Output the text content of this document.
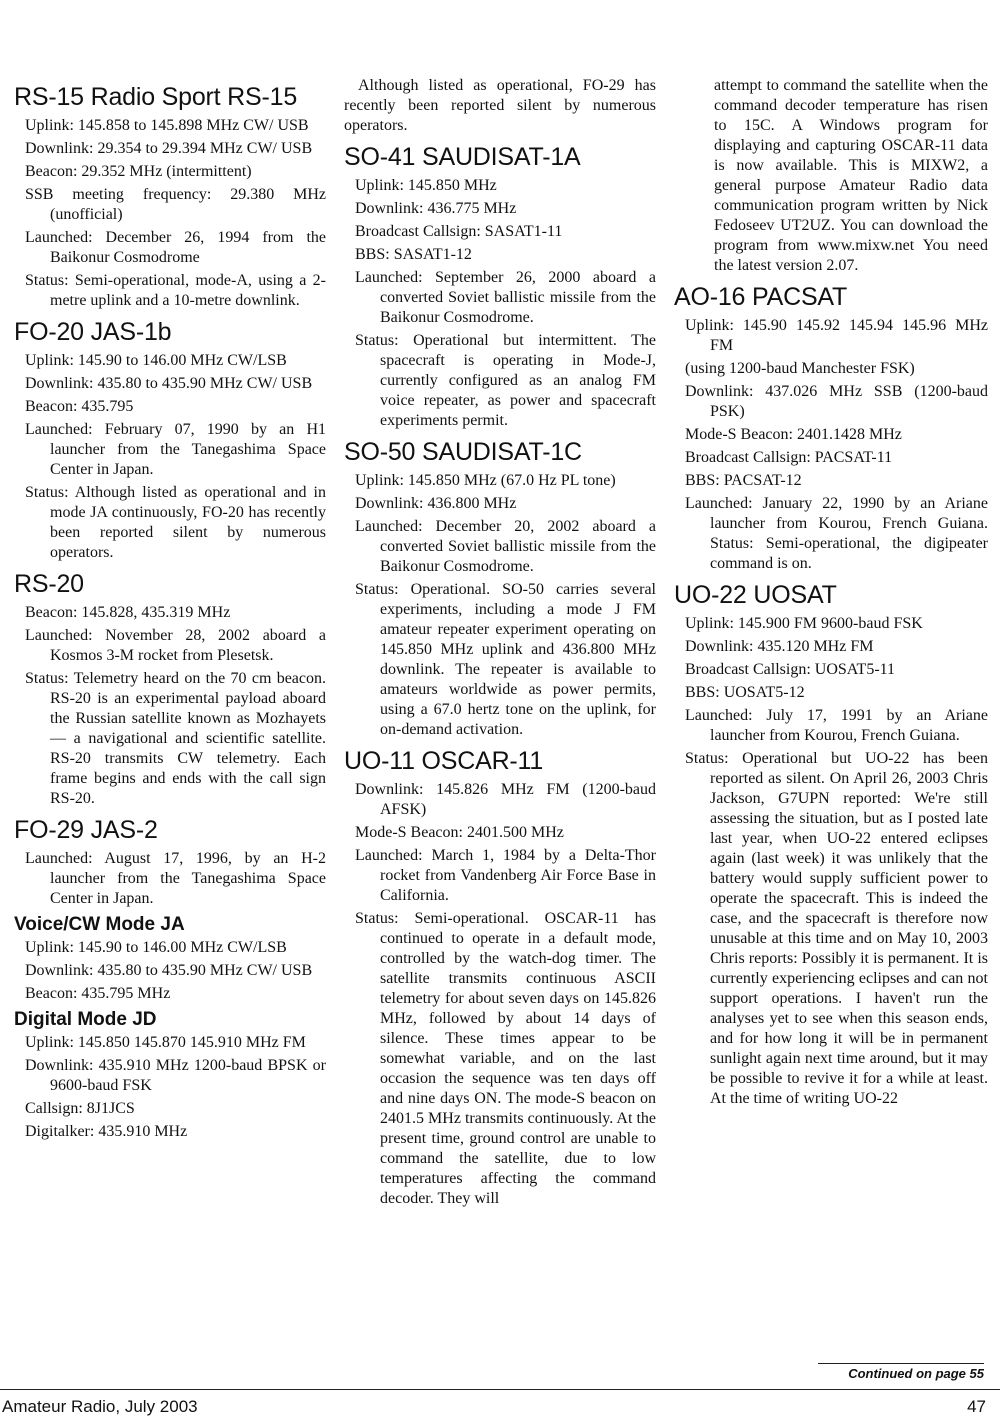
RS-15 Radio Sport RS-15

Uplink: 145.858 to 145.898 MHz CW/ USB

Downlink: 29.354 to 29.394 MHz CW/ USB

Beacon: 29.352 MHz (intermittent)

SSB meeting frequency: 29.380 MHz (unofficial)

Launched: December 26, 1994 from the Baikonur Cosmodrome

Status: Semi-operational, mode-A, using a 2-metre uplink and a 10-metre downlink.

FO-20 JAS-1b

Uplink: 145.90 to 146.00 MHz CW/LSB

Downlink: 435.80 to 435.90 MHz CW/ USB

Beacon: 435.795

Launched: February 07, 1990 by an H1 launcher from the Tanegashima Space Center in Japan.

Status: Although listed as operational and in mode JA continuously, FO-20 has recently been reported silent by numerous operators.

RS-20

Beacon: 145.828, 435.319 MHz

Launched: November 28, 2002 aboard a Kosmos 3-M rocket from Plesetsk.

Status: Telemetry heard on the 70 cm beacon. RS-20 is an experimental payload aboard the Russian satellite known as Mozhayets — a navigational and scientific satellite. RS-20 transmits CW telemetry. Each frame begins and ends with the call sign RS-20.

FO-29 JAS-2

Launched: August 17, 1996, by an H-2 launcher from the Tanegashima Space Center in Japan.

Voice/CW Mode JA

Uplink: 145.90 to 146.00 MHz CW/LSB

Downlink: 435.80 to 435.90 MHz CW/ USB

Beacon: 435.795 MHz

Digital Mode JD

Uplink: 145.850 145.870 145.910 MHz FM

Downlink: 435.910 MHz 1200-baud BPSK or 9600-baud FSK

Callsign: 8J1JCS

Digitalker: 435.910 MHz

Although listed as operational, FO-29 has recently been reported silent by numerous operators.

SO-41 SAUDISAT-1A

Uplink: 145.850 MHz

Downlink: 436.775 MHz

Broadcast Callsign: SASAT1-11

BBS: SASAT1-12

Launched: September 26, 2000 aboard a converted Soviet ballistic missile from the Baikonur Cosmodrome.

Status: Operational but intermittent. The spacecraft is operating in Mode-J, currently configured as an analog FM voice repeater, as power and spacecraft experiments permit.

SO-50 SAUDISAT-1C

Uplink: 145.850 MHz (67.0 Hz PL tone)

Downlink: 436.800 MHz

Launched: December 20, 2002 aboard a converted Soviet ballistic missile from the Baikonur Cosmodrome.

Status: Operational. SO-50 carries several experiments, including a mode J FM amateur repeater experiment operating on 145.850 MHz uplink and 436.800 MHz downlink. The repeater is available to amateurs worldwide as power permits, using a 67.0 hertz tone on the uplink, for on-demand activation.

UO-11 OSCAR-11

Downlink: 145.826 MHz FM (1200-baud AFSK)

Mode-S Beacon: 2401.500 MHz

Launched: March 1, 1984 by a Delta-Thor rocket from Vandenberg Air Force Base in California.

Status: Semi-operational. OSCAR-11 has continued to operate in a default mode, controlled by the watch-dog timer. The satellite transmits continuous ASCII telemetry for about seven days on 145.826 MHz, followed by about 14 days of silence. These times appear to be somewhat variable, and on the last occasion the sequence was ten days off and nine days ON. The mode-S beacon on 2401.5 MHz transmits continuously. At the present time, ground control are unable to command the satellite, due to low temperatures affecting the command decoder. They will

attempt to command the satellite when the command decoder temperature has risen to 15C. A Windows program for displaying and capturing OSCAR-11 data is now available. This is MIXW2, a general purpose Amateur Radio data communication program written by Nick Fedoseev UT2UZ. You can download the program from www.mixw.net You need the latest version 2.07.

AO-16 PACSAT

Uplink: 145.90 145.92 145.94 145.96 MHz FM

(using 1200-baud Manchester FSK)

Downlink: 437.026 MHz SSB (1200-baud PSK)

Mode-S Beacon: 2401.1428 MHz

Broadcast Callsign: PACSAT-11

BBS: PACSAT-12

Launched: January 22, 1990 by an Ariane launcher from Kourou, French Guiana. Status: Semi-operational, the digipeater command is on.

UO-22 UOSAT

Uplink: 145.900 FM 9600-baud FSK

Downlink: 435.120 MHz FM

Broadcast Callsign: UOSAT5-11

BBS: UOSAT5-12

Launched: July 17, 1991 by an Ariane launcher from Kourou, French Guiana.

Status: Operational but UO-22 has been reported as silent. On April 26, 2003 Chris Jackson, G7UPN reported: We're still assessing the situation, but as I posted late last year, when UO-22 entered eclipses again (last week) it was unlikely that the battery would supply sufficient power to operate the spacecraft. This is indeed the case, and the spacecraft is therefore now unusable at this time and on May 10, 2003 Chris reports: Possibly it is permanent. It is currently experiencing eclipses and can not support operations. I haven't run the analyses yet to see when this season ends, and for how long it will be in permanent sunlight again next time around, but it may be possible to revive it for a while at least. At the time of writing UO-22

Continued on page 55
Amateur Radio, July 2003	47
